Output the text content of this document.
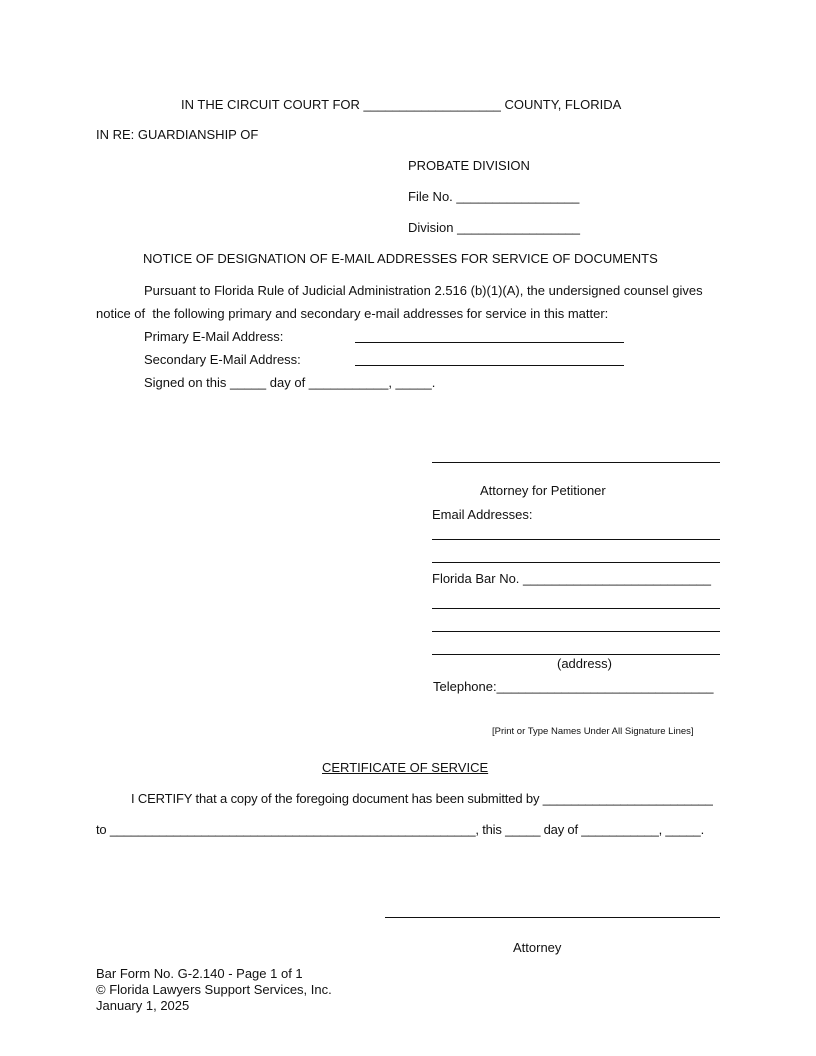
IN THE CIRCUIT COURT FOR ___________________ COUNTY, FLORIDA
IN RE: GUARDIANSHIP OF
PROBATE DIVISION
File No. _________________
Division _________________
NOTICE OF DESIGNATION OF E-MAIL ADDRESSES FOR SERVICE OF DOCUMENTS
Pursuant to Florida Rule of Judicial Administration 2.516 (b)(1)(A), the undersigned counsel gives
notice of  the following primary and secondary e-mail addresses for service in this matter:
Primary E-Mail Address:
Secondary E-Mail Address:
Signed on this _____ day of ___________, _____.
Attorney for Petitioner
Email Addresses:
Florida Bar No. __________________________
(address)
Telephone:______________________________
[Print or Type Names Under All Signature Lines]
CERTIFICATE OF SERVICE
I CERTIFY that a copy of the foregoing document has been submitted by ________________________
to ____________________________________________________, this _____ day of ___________, _____.
Attorney
Bar Form No. G-2.140 - Page 1 of 1
© Florida Lawyers Support Services, Inc.
January 1, 2025
